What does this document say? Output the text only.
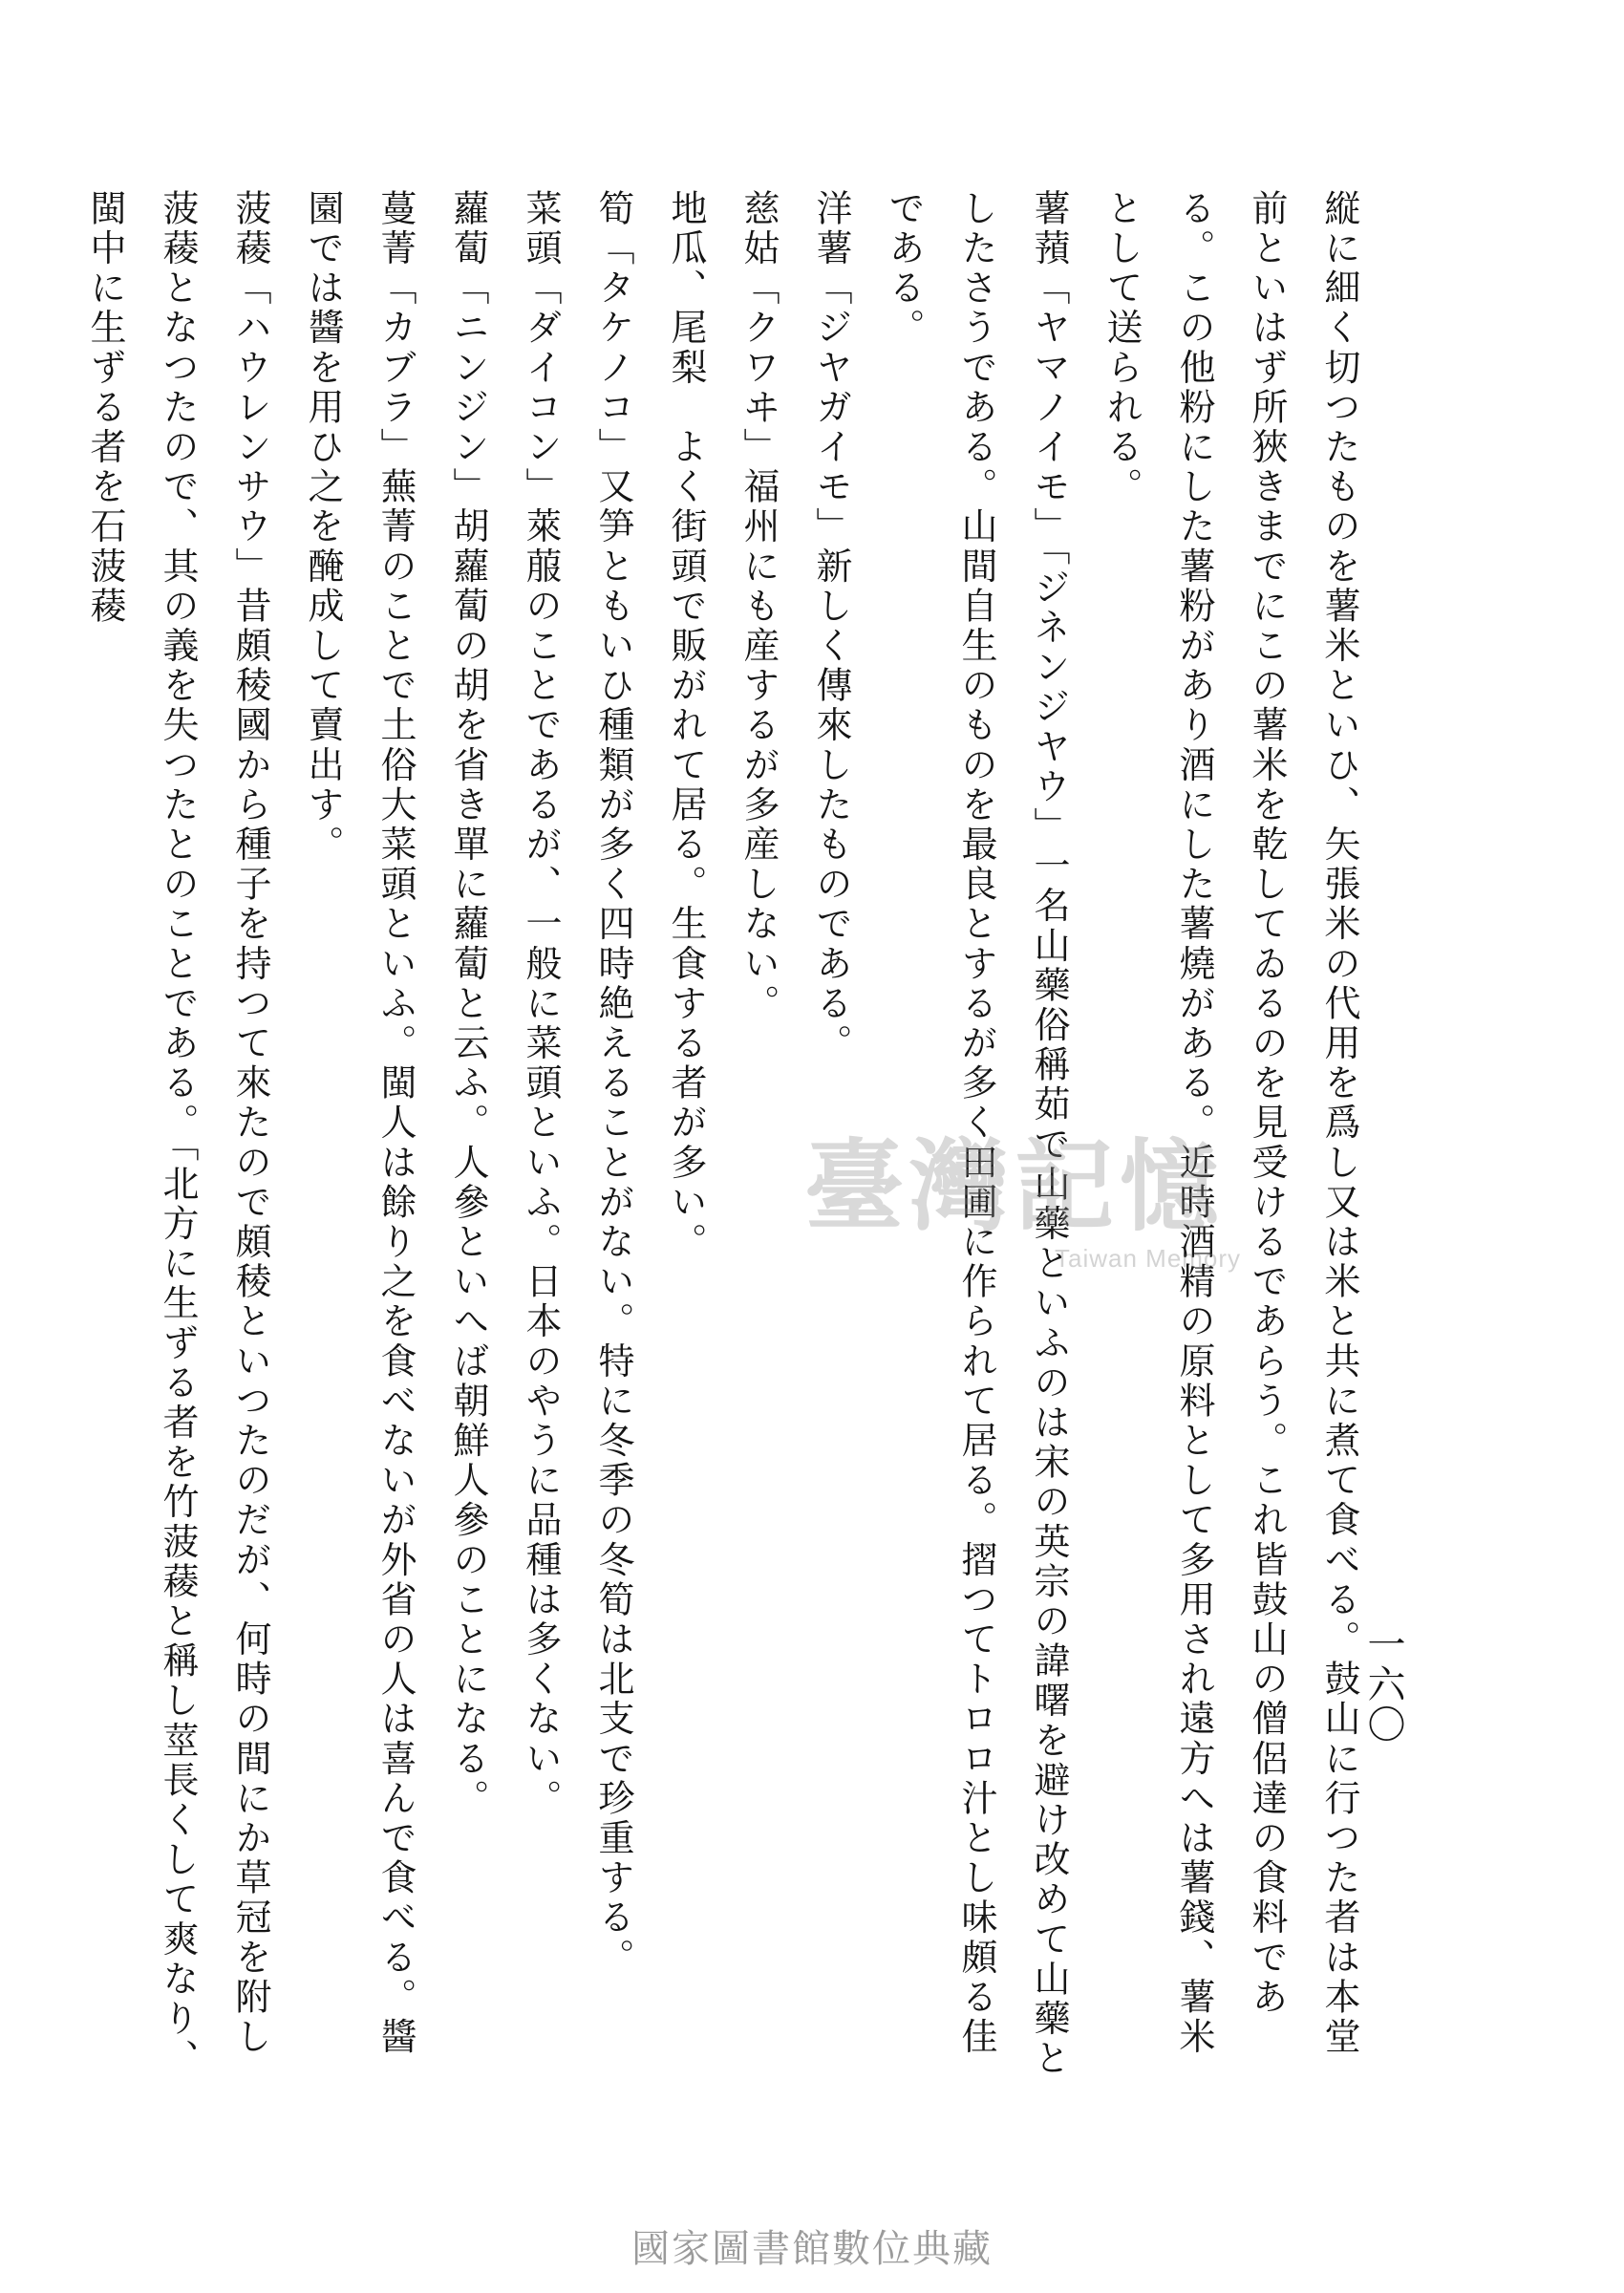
一六〇

縦に細く切つたものを薯米といひ、矢張米の代用を爲し又は米と共に煮て食べる。鼓山に行つた者は本堂前といはず所狹きまでにこの薯米を乾してゐるのを見受けるであらう。これ皆鼓山の僧侶達の食料である。この他粉にした薯粉があり酒にした薯燒がある。近時酒精の原料として多用され遠方へは薯錢、薯米として送られる。

薯蕷「ヤマノイモ」「ジネンジヤウ」一名山藥俗稱茹で山藥といふのは宋の英宗の諱曙を避け改めて山藥としたさうである。山間自生のものを最良とするが多く田圃に作られて居る。摺つてトロロ汁とし味頗る佳である。

洋薯「ジヤガイモ」新しく傳來したものである。

慈姑「クワヰ」福州にも産するが多産しない。

地瓜、尾梨　よく街頭で販がれて居る。生食する者が多い。

筍「タケノコ」又笋ともいひ種類が多く四時絶えることがない。特に冬季の冬筍は北支で珍重する。

菜頭「ダイコン」萊菔のことであるが、一般に菜頭といふ。日本のやうに品種は多くない。

蘿蔔「ニンジン」胡蘿蔔の胡を省き單に蘿蔔と云ふ。人參といへば朝鮮人參のことになる。

蔓菁「カブラ」蕪菁のことで土俗大菜頭といふ。閩人は餘り之を食べないが外省の人は喜んで食べる。醬園では醬を用ひ之を醃成して賣出す。

菠薐「ハウレンサウ」昔頗稜國から種子を持つて來たので頗稜といつたのだが、何時の間にか草冠を附し菠薐となつたので、其の義を失つたとのことである。「北方に生ずる者を竹菠薐と稱し莖長くして爽なり、閩中に生ずる者を石菠薐

臺灣記憶
Taiwan Memory
國家圖書館數位典藏
